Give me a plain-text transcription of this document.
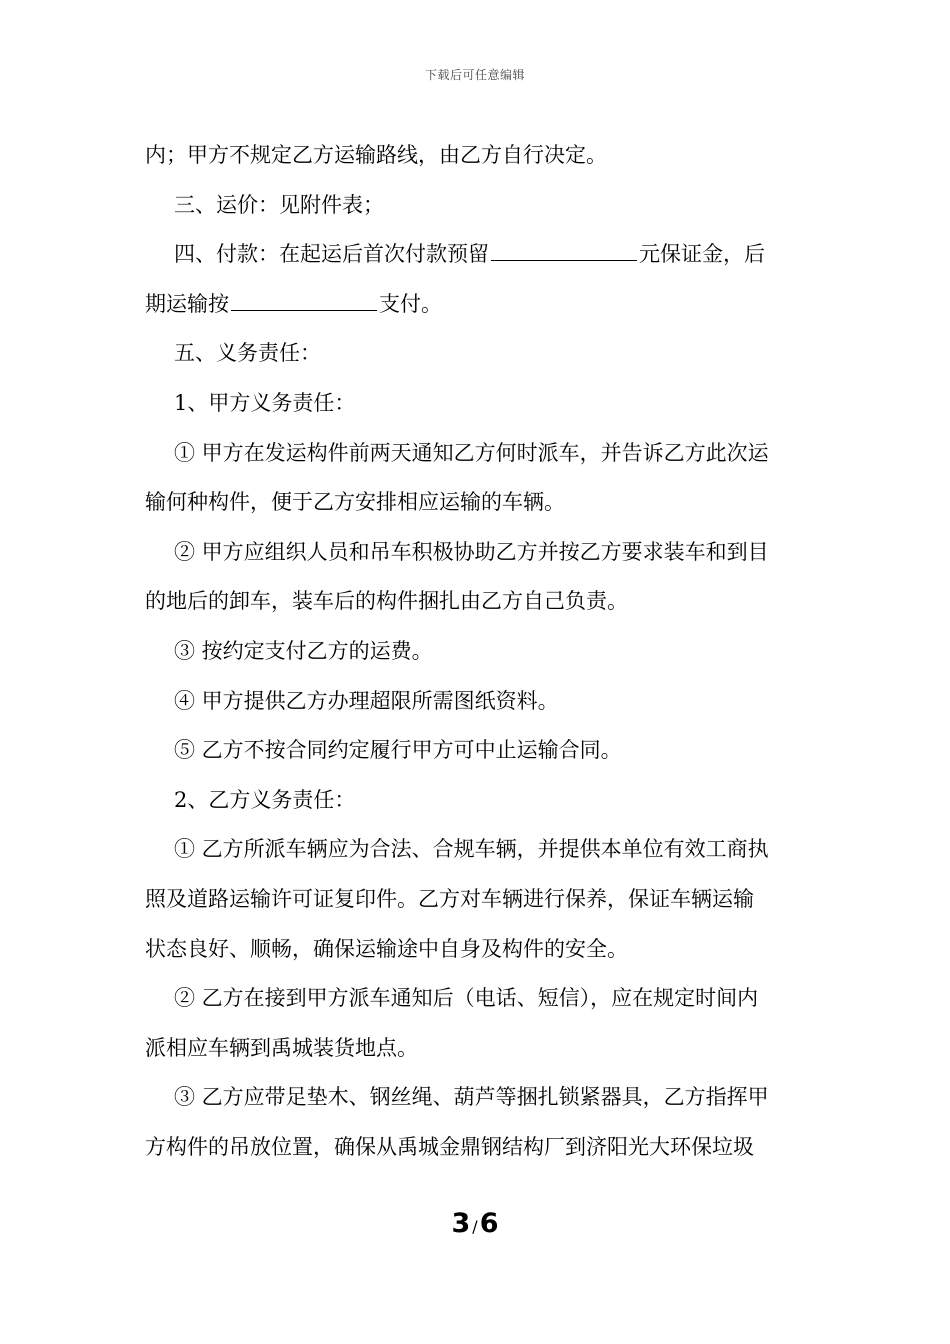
下载后可任意编辑
内；甲方不规定乙方运输路线，由乙方自行决定。
三、运价：见附件表；
四、付款：在起运后首次付款预留	元保证金，后
期运输按	支付。
五、义务责任：
1、甲方义务责任：
① 甲方在发运构件前两天通知乙方何时派车，并告诉乙方此次运
输何种构件，便于乙方安排相应运输的车辆。
② 甲方应组织人员和吊车积极协助乙方并按乙方要求装车和到目
的地后的卸车，装车后的构件捆扎由乙方自己负责。
③ 按约定支付乙方的运费。
④ 甲方提供乙方办理超限所需图纸资料。
⑤ 乙方不按合同约定履行甲方可中止运输合同。
2、乙方义务责任：
① 乙方所派车辆应为合法、合规车辆，并提供本单位有效工商执
照及道路运输许可证复印件。乙方对车辆进行保养，保证车辆运输
状态良好、顺畅，确保运输途中自身及构件的安全。
② 乙方在接到甲方派车通知后（电话、短信），应在规定时间内
派相应车辆到禹城装货地点。
③ 乙方应带足垫木、钢丝绳、葫芦等捆扎锁紧器具，乙方指挥甲
方构件的吊放位置，确保从禹城金鼎钢结构厂到济阳光大环保垃圾
3 /6
